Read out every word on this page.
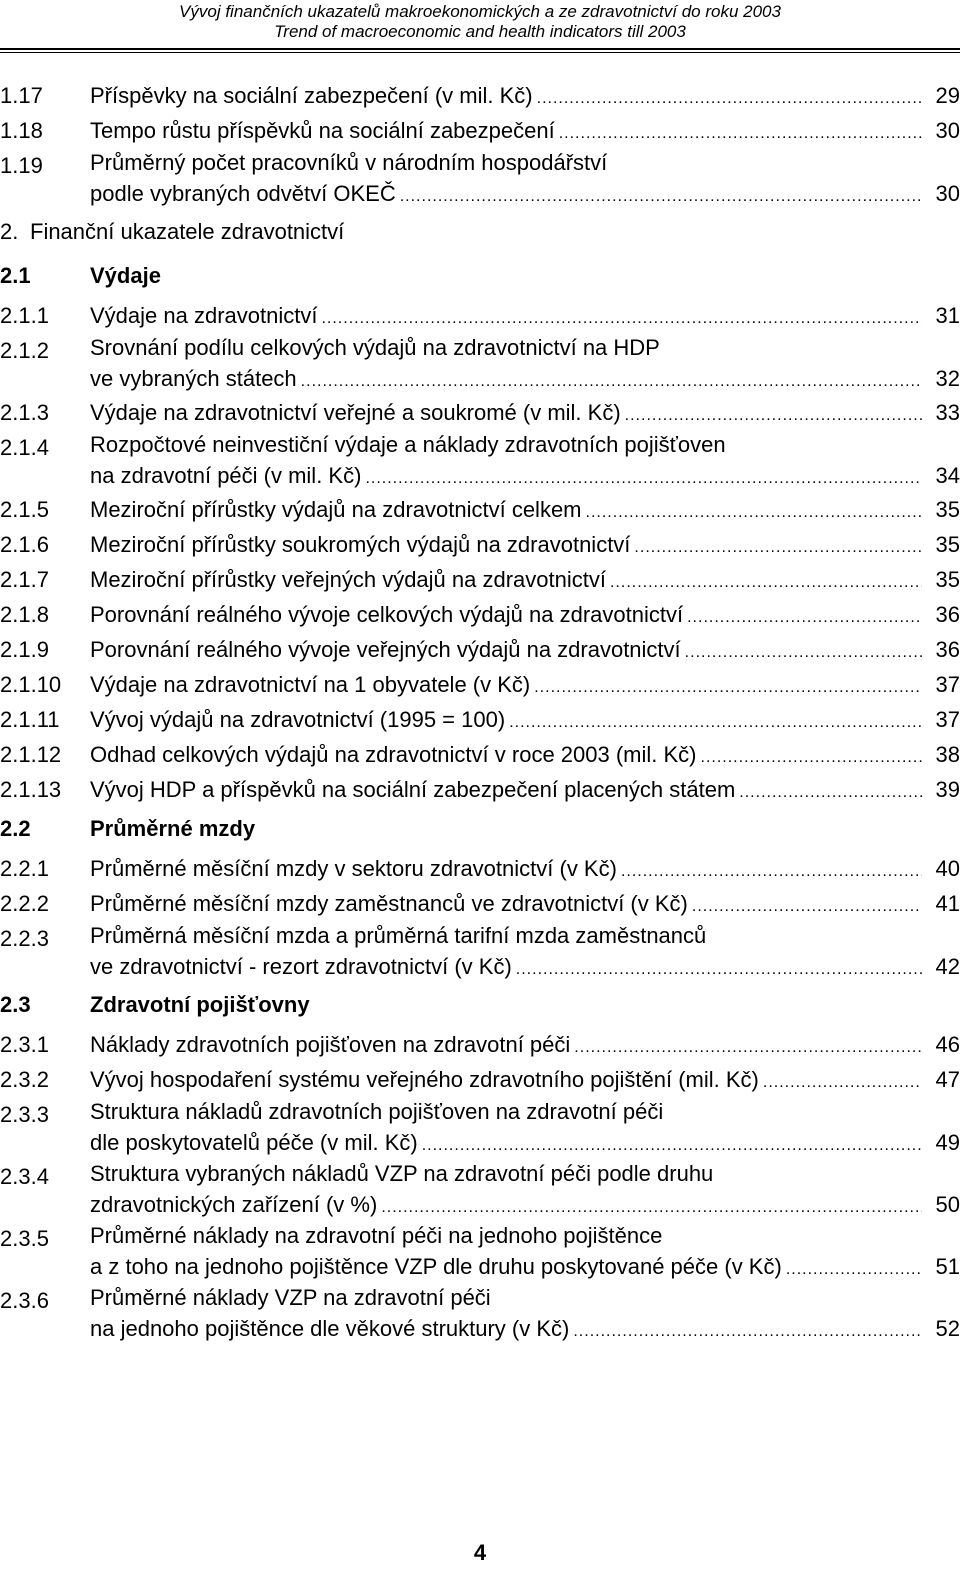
Vývoj finančních ukazatelů makroekonomických a ze zdravotnictví do roku 2003
Trend of macroeconomic and health indicators till 2003
1.17	Příspěvky na sociální zabezpečení (v mil. Kč) .....	29
1.18	Tempo růstu příspěvků na sociální zabezpečení .....	30
1.19	Průměrný počet pracovníků v národním hospodářství
podle vybraných odvětví OKEČ .....	30
2. Finanční ukazatele zdravotnictví
2.1	Výdaje
2.1.1	Výdaje na zdravotnictví .....	31
2.1.2	Srovnání podílu celkových výdajů na zdravotnictví na HDP
ve vybraných státech .....	32
2.1.3	Výdaje na zdravotnictví veřejné a soukromé (v mil. Kč) .....	33
2.1.4	Rozpočtové neinvestiční výdaje a náklady zdravotních pojišťoven
na zdravotní péči (v mil. Kč) .....	34
2.1.5	Meziroční přírůstky výdajů na zdravotnictví celkem .....	35
2.1.6	Meziroční přírůstky soukromých výdajů na zdravotnictví .....	35
2.1.7	Meziroční přírůstky veřejných výdajů na zdravotnictví .....	35
2.1.8	Porovnání reálného vývoje celkových výdajů na zdravotnictví .....	36
2.1.9	Porovnání reálného vývoje veřejných výdajů na zdravotnictví .....	36
2.1.10	Výdaje na zdravotnictví na 1 obyvatele (v Kč) .....	37
2.1.11	Vývoj výdajů na zdravotnictví (1995 = 100) .....	37
2.1.12	Odhad celkových výdajů na zdravotnictví v roce 2003 (mil. Kč) .....	38
2.1.13	Vývoj HDP a příspěvků na sociální zabezpečení placených státem .....	39
2.2	Průměrné mzdy
2.2.1	Průměrné měsíční mzdy v sektoru zdravotnictví (v Kč) .....	40
2.2.2	Průměrné měsíční mzdy zaměstnanců ve zdravotnictví (v Kč) .....	41
2.2.3	Průměrná měsíční mzda a průměrná tarifní mzda zaměstnanců
ve zdravotnictví - rezort zdravotnictví (v Kč) .....	42
2.3	Zdravotní pojišťovny
2.3.1	Náklady zdravotních pojišťoven na zdravotní péči .....	46
2.3.2	Vývoj hospodaření systému veřejného zdravotního pojištění (mil. Kč) .....	47
2.3.3	Struktura nákladů zdravotních pojišťoven na zdravotní péči
dle poskytovatelů péče (v mil. Kč) .....	49
2.3.4	Struktura vybraných nákladů VZP na zdravotní péči podle druhu
zdravotnických zařízení (v %) .....	50
2.3.5	Průměrné náklady na zdravotní péči na jednoho pojištěnce
a z toho na jednoho pojištěnce VZP dle druhu poskytované péče (v Kč) .....	51
2.3.6	Průměrné náklady VZP na zdravotní péči
na jednoho pojištěnce dle věkové struktury (v Kč) .....	52
4
